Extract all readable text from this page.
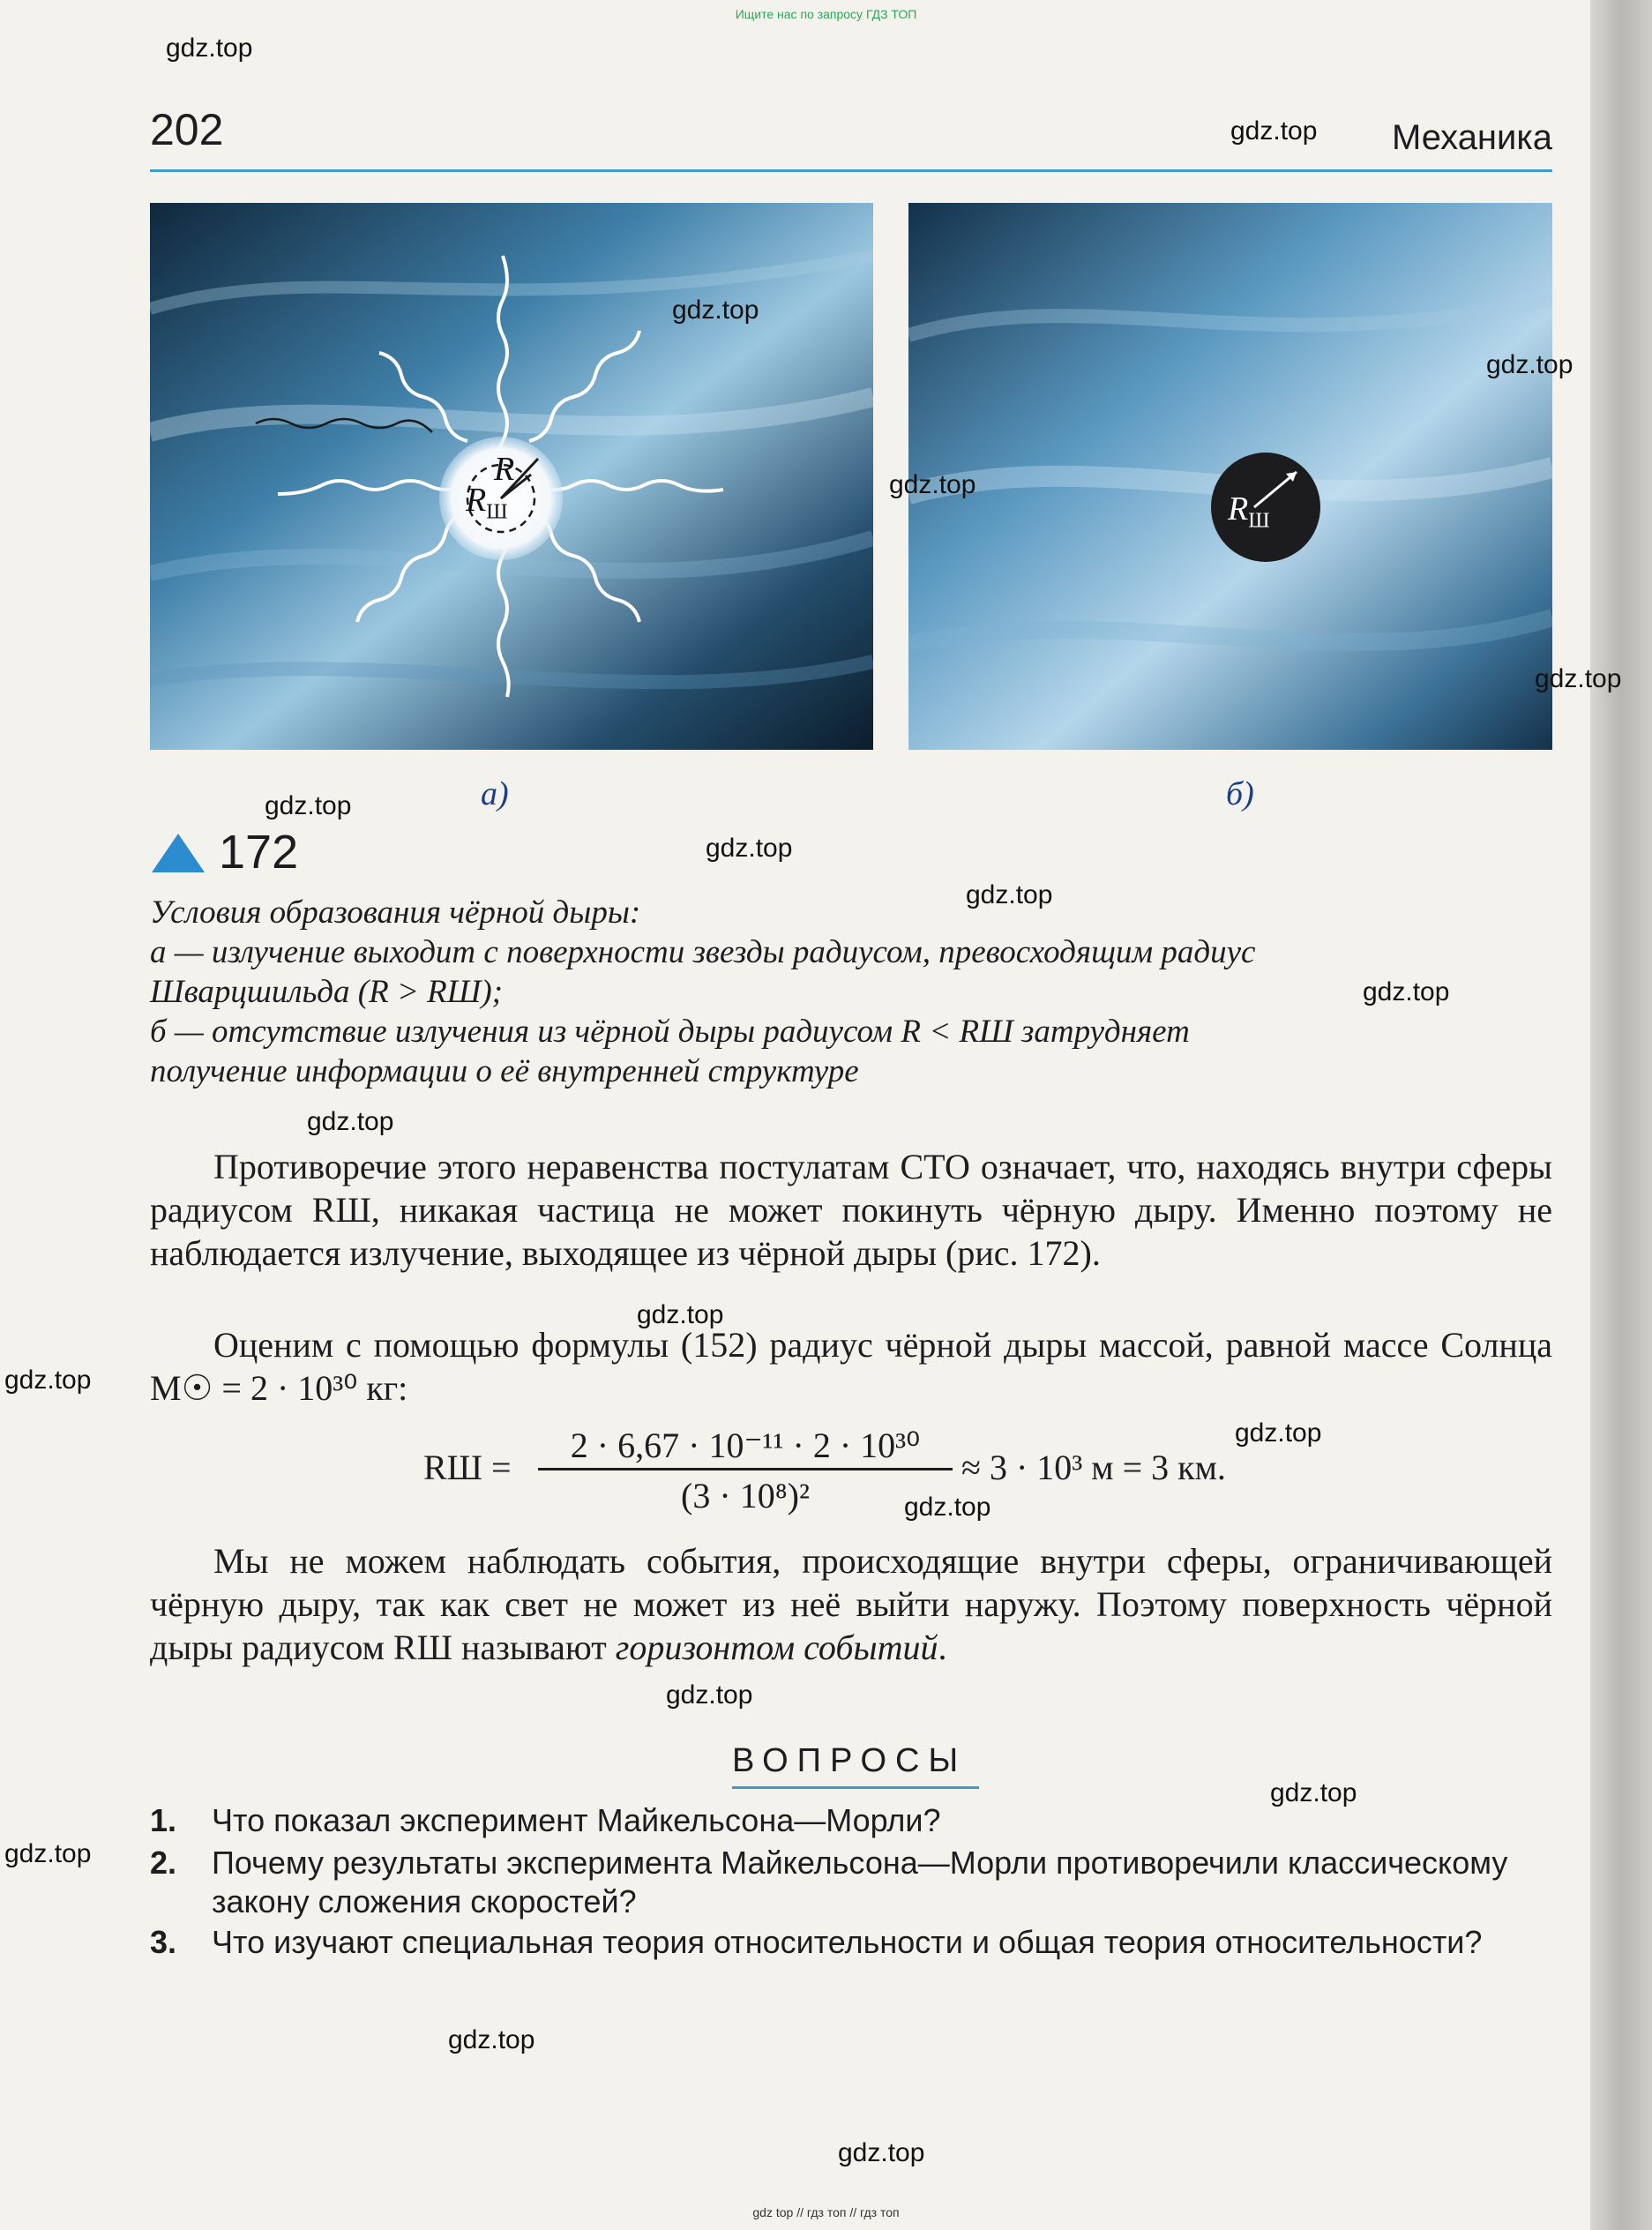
Ищите нас по запросу ГДЗ ТОП
202	Механика
R
$R_Ш$	$R_Ш$
а)	б)
172
Условия образования чёрной дыры:
а — излучение выходит с поверхности звезды радиусом, превосходящим радиус
Шварцшильда (R > RШ);
б — отсутствие излучения из чёрной дыры радиусом R < RШ затрудняет
получение информации о её внутренней структуре
Противоречие этого неравенства постулатам СТО означает, что, находясь внутри сферы радиусом RШ, никакая частица не может покинуть чёрную дыру. Именно поэтому не наблюдается излучение, выходящее из чёрной дыры (рис. 172).
Оценим с помощью формулы (152) радиус чёрной дыры массой, равной массе Солнца M☉ = 2 · 10³⁰ кг:
RШ =
2 · 6,67 · 10⁻¹¹ · 2 · 10³⁰
(3 · 10⁸)²
≈ 3 · 10³ м = 3 км.
Мы не можем наблюдать события, происходящие внутри сферы, ограничивающей чёрную дыру, так как свет не может из неё выйти наружу. Поэтому поверхность чёрной дыры радиусом RШ называют горизонтом событий.
ВОПРОСЫ
1. Что показал эксперимент Майкельсона—Морли?
2. Почему результаты эксперимента Майкельсона—Морли противоречили классическому закону сложения скоростей?
3. Что изучают специальная теория относительности и общая теория относительности?
gdz.top
gdz.top
gdz.top
gdz.top
gdz.top
gdz.top
gdz.top
gdz.top
gdz.top
gdz.top
gdz.top
gdz.top
gdz.top
gdz.top
gdz.top
gdz.top
gdz.top
gdz.top
gdz.top
gdz.top
gdz top // гдз топ // гдз топ
